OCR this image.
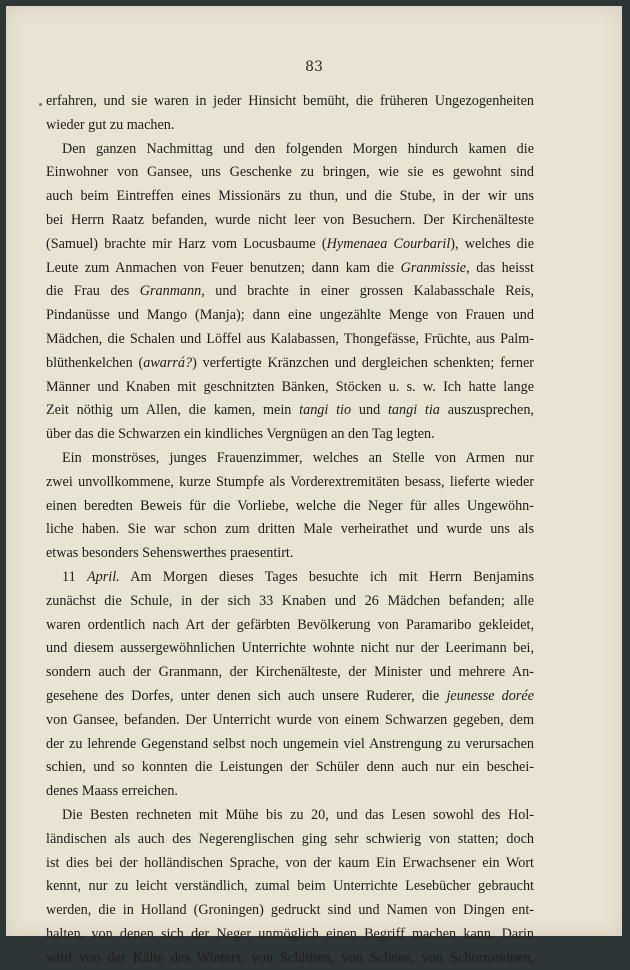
83
erfahren, und sie waren in jeder Hinsicht bemüht, die früheren Ungezogenheiten
wieder gut zu machen.
Den ganzen Nachmittag und den folgenden Morgen hindurch kamen die
Einwohner von Gansee, uns Geschenke zu bringen, wie sie es gewohnt sind
auch beim Eintreffen eines Missionärs zu thun, und die Stube, in der wir uns
bei Herrn Raatz befanden, wurde nicht leer von Besuchern. Der Kirchenälteste
(Samuel) brachte mir Harz vom Locusbaume (Hymenaea Courbaril), welches die
Leute zum Anmachen von Feuer benutzen; dann kam die Granmissie, das heisst
die Frau des Granmann, und brachte in einer grossen Kalabasschale Reis,
Pindanüsse und Mango (Manja); dann eine ungezählte Menge von Frauen und
Mädchen, die Schalen und Löffel aus Kalabassen, Thongefässe, Früchte, aus Palm-
blüthenkelchen (awarrá?) verfertigte Kränzchen und dergleichen schenkten; ferner
Männer und Knaben mit geschnitzten Bänken, Stöcken u. s. w. Ich hatte lange
Zeit nöthig um Allen, die kamen, mein tangi tio und tangi tia auszusprechen,
über das die Schwarzen ein kindliches Vergnügen an den Tag legten.
Ein monströses, junges Frauenzimmer, welches an Stelle von Armen nur
zwei unvollkommene, kurze Stumpfe als Vorderextremitäten besass, lieferte wieder
einen beredten Beweis für die Vorliebe, welche die Neger für alles Ungewöhn-
liche haben. Sie war schon zum dritten Male verheirathet und wurde uns als
etwas besonders Sehenswerthes praesentirt.
11 April. Am Morgen dieses Tages besuchte ich mit Herrn Benjamins
zunächst die Schule, in der sich 33 Knaben und 26 Mädchen befanden; alle
waren ordentlich nach Art der gefärbten Bevölkerung von Paramaribo gekleidet,
und diesem aussergewöhnlichen Unterrichte wohnte nicht nur der Leerimann bei,
sondern auch der Granmann, der Kirchenälteste, der Minister und mehrere An-
gesehene des Dorfes, unter denen sich auch unsere Ruderer, die jeunesse dorée
von Gansee, befanden. Der Unterricht wurde von einem Schwarzen gegeben, dem
der zu lehrende Gegenstand selbst noch ungemein viel Anstrengung zu verursachen
schien, und so konnten die Leistungen der Schüler denn auch nur ein beschei-
denes Maass erreichen.
Die Besten rechneten mit Mühe bis zu 20, und das Lesen sowohl des Hol-
ländischen als auch des Negerenglischen ging sehr schwierig von statten; doch
ist dies bei der holländischen Sprache, von der kaum Ein Erwachsener ein Wort
kennt, nur zu leicht verständlich, zumal beim Unterrichte Lesebücher gebraucht
werden, die in Holland (Groningen) gedruckt sind und Namen von Dingen ent-
halten, von denen sich der Neger unmöglich einen Begriff machen kann. Darin
wird von der Kälte des Winters, von Schlitten, von Schnee, von Schornsteinen,
